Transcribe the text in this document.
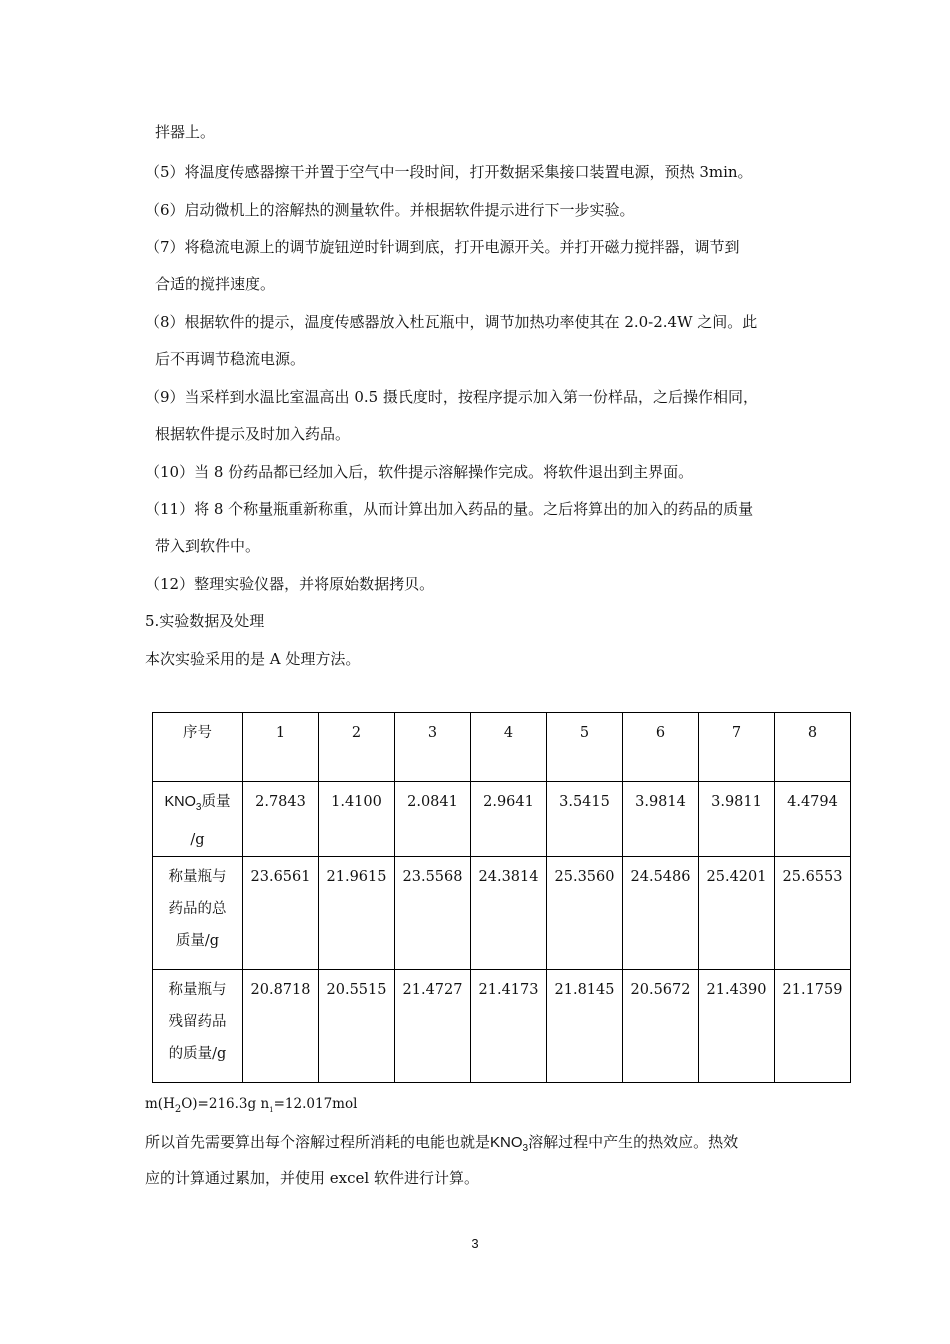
拌器上。
（5）将温度传感器擦干并置于空气中一段时间，打开数据采集接口装置电源，预热 3min。
（6）启动微机上的溶解热的测量软件。并根据软件提示进行下一步实验。
（7）将稳流电源上的调节旋钮逆时针调到底，打开电源开关。并打开磁力搅拌器，调节到
合适的搅拌速度。
（8）根据软件的提示，温度传感器放入杜瓦瓶中，调节加热功率使其在 2.0-2.4W 之间。此
后不再调节稳流电源。
（9）当采样到水温比室温高出 0.5 摄氏度时，按程序提示加入第一份样品，之后操作相同，
根据软件提示及时加入药品。
（10）当 8 份药品都已经加入后，软件提示溶解操作完成。将软件退出到主界面。
（11）将 8 个称量瓶重新称重，从而计算出加入药品的量。之后将算出的加入的药品的质量
带入到软件中。
（12）整理实验仪器，并将原始数据拷贝。
5.实验数据及处理
本次实验采用的是 A 处理方法。
序号	1	2	3	4	5	6	7	8

$KNO_3$质量
/g	2.7843	1.4100	2.0841	2.9641	3.5415	3.9814	3.9811	4.4794

称量瓶与
药品的总
质量/g	23.6561	21.9615	23.5568	24.3814	25.3560	24.5486	25.4201	25.6553

称量瓶与
残留药品
的质量/g	20.8718	20.5515	21.4727	21.4173	21.8145	20.5672	21.4390	21.1759
$m(H_2O)=216.3g$ $n_1=12.017mol$
所以首先需要算出每个溶解过程所消耗的电能也就是$KNO_3$溶解过程中产生的热效应。热效
应的计算通过累加，并使用 excel 软件进行计算。
3
